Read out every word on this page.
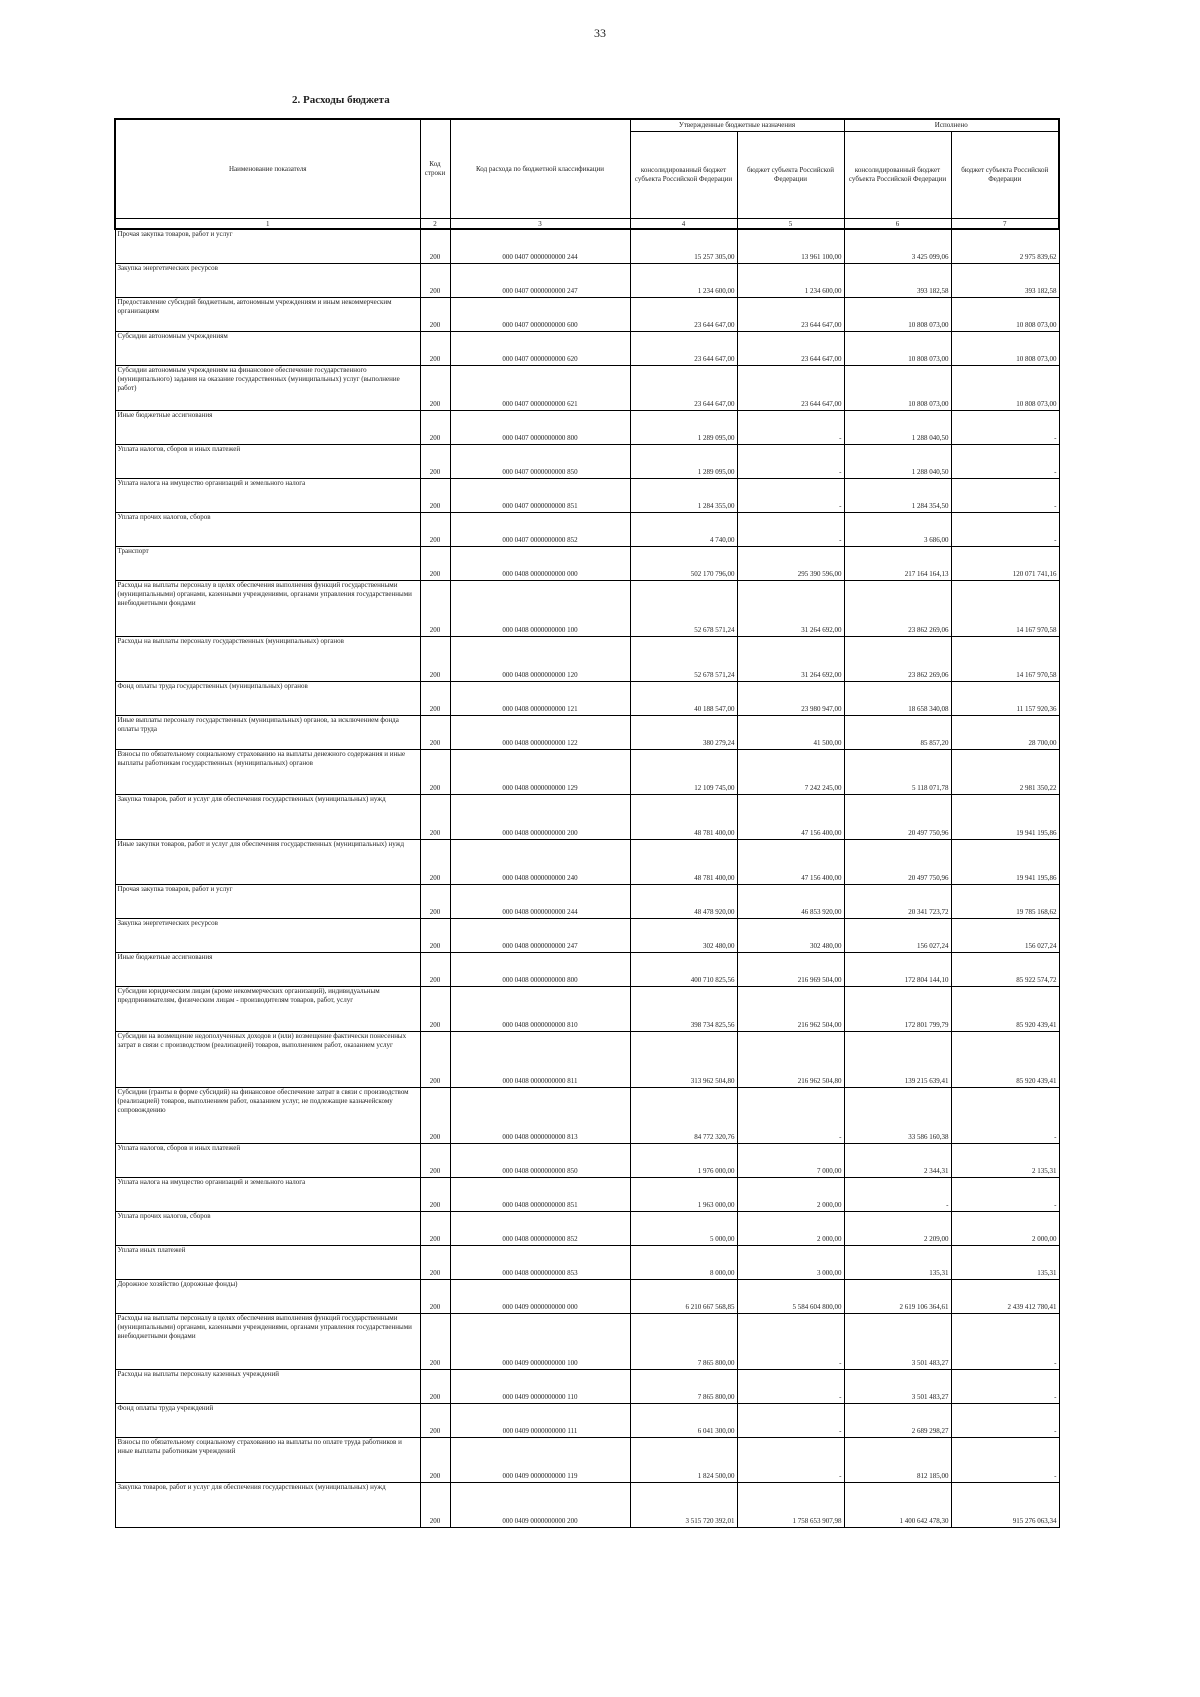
33
2. Расходы бюджета
Наименование показателя	Код строки	Код расхода по бюджетной классификации	Утвержденные бюджетные назначения		Исполнено	
			консолидированный бюджет субъекта Российской Федерации	бюджет субъекта Российской Федерации	консолидированный бюджет субъекта Российской Федерации	бюджет субъекта Российской Федерации
1	2	3	4	5	6	7
Прочая закупка товаров, работ и услуг	200	000 0407 0000000000 244	15 257 305,00	13 961 100,00	3 425 099,06	2 975 839,62
Закупка энергетических ресурсов	200	000 0407 0000000000 247	1 234 600,00	1 234 600,00	393 182,58	393 182,58
Предоставление субсидий бюджетным, автономным учреждениям и иным некоммерческим организациям	200	000 0407 0000000000 600	23 644 647,00	23 644 647,00	10 808 073,00	10 808 073,00
Субсидии автономным учреждениям	200	000 0407 0000000000 620	23 644 647,00	23 644 647,00	10 808 073,00	10 808 073,00
Субсидии автономным учреждениям на финансовое обеспечение государственного (муниципального) задания на оказание государственных (муниципальных) услуг (выполнение работ)	200	000 0407 0000000000 621	23 644 647,00	23 644 647,00	10 808 073,00	10 808 073,00
Иные бюджетные ассигнования	200	000 0407 0000000000 800	1 289 095,00	-	1 288 040,50	-
Уплата налогов, сборов и иных платежей	200	000 0407 0000000000 850	1 289 095,00	-	1 288 040,50	-
Уплата налога на имущество организаций и земельного налога	200	000 0407 0000000000 851	1 284 355,00	-	1 284 354,50	-
Уплата прочих налогов, сборов	200	000 0407 0000000000 852	4 740,00	-	3 686,00	-
Транспорт	200	000 0408 0000000000 000	502 170 796,00	295 390 596,00	217 164 164,13	120 071 741,16
Расходы на выплаты персоналу в целях обеспечения выполнения функций государственными (муниципальными) органами, казенными учреждениями, органами управления государственными внебюджетными фондами	200	000 0408 0000000000 100	52 678 571,24	31 264 692,00	23 862 269,06	14 167 970,58
Расходы на выплаты персоналу государственных (муниципальных) органов	200	000 0408 0000000000 120	52 678 571,24	31 264 692,00	23 862 269,06	14 167 970,58
Фонд оплаты труда государственных (муниципальных) органов	200	000 0408 0000000000 121	40 188 547,00	23 980 947,00	18 658 340,08	11 157 920,36
Иные выплаты персоналу государственных (муниципальных) органов, за исключением фонда оплаты труда	200	000 0408 0000000000 122	380 279,24	41 500,00	85 857,20	28 700,00
Взносы по обязательному социальному страхованию на выплаты денежного содержания и иные выплаты работникам государственных (муниципальных) органов	200	000 0408 0000000000 129	12 109 745,00	7 242 245,00	5 118 071,78	2 981 350,22
Закупка товаров, работ и услуг для обеспечения государственных (муниципальных) нужд	200	000 0408 0000000000 200	48 781 400,00	47 156 400,00	20 497 750,96	19 941 195,86
Иные закупки товаров, работ и услуг для обеспечения государственных (муниципальных) нужд	200	000 0408 0000000000 240	48 781 400,00	47 156 400,00	20 497 750,96	19 941 195,86
Прочая закупка товаров, работ и услуг	200	000 0408 0000000000 244	48 478 920,00	46 853 920,00	20 341 723,72	19 785 168,62
Закупка энергетических ресурсов	200	000 0408 0000000000 247	302 480,00	302 480,00	156 027,24	156 027,24
Иные бюджетные ассигнования	200	000 0408 0000000000 800	400 710 825,56	216 969 504,00	172 804 144,10	85 922 574,72
Субсидии юридическим лицам (кроме некоммерческих организаций), индивидуальным предпринимателям, физическим лицам - производителям товаров, работ, услуг	200	000 0408 0000000000 810	398 734 825,56	216 962 504,00	172 801 799,79	85 920 439,41
Субсидии на возмещение недополученных доходов и (или) возмещение фактически понесенных затрат в связи с производством (реализацией) товаров, выполнением работ, оказанием услуг	200	000 0408 0000000000 811	313 962 504,80	216 962 504,80	139 215 639,41	85 920 439,41
Субсидии (гранты в форме субсидий) на финансовое обеспечение затрат в связи с производством (реализацией) товаров, выполнением работ, оказанием услуг, не подлежащие казначейскому сопровождению	200	000 0408 0000000000 813	84 772 320,76	-	33 586 160,38	-
Уплата налогов, сборов и иных платежей	200	000 0408 0000000000 850	1 976 000,00	7 000,00	2 344,31	2 135,31
Уплата налога на имущество организаций и земельного налога	200	000 0408 0000000000 851	1 963 000,00	2 000,00	-	-
Уплата прочих налогов, сборов	200	000 0408 0000000000 852	5 000,00	2 000,00	2 209,00	2 000,00
Уплата иных платежей	200	000 0408 0000000000 853	8 000,00	3 000,00	135,31	135,31
Дорожное хозяйство (дорожные фонды)	200	000 0409 0000000000 000	6 210 667 568,85	5 584 604 800,00	2 619 106 364,61	2 439 412 780,41
Расходы на выплаты персоналу в целях обеспечения выполнения функций государственными (муниципальными) органами, казенными учреждениями, органами управления государственными внебюджетными фондами	200	000 0409 0000000000 100	7 865 800,00	-	3 501 483,27	-
Расходы на выплаты персоналу казенных учреждений	200	000 0409 0000000000 110	7 865 800,00	-	3 501 483,27	-
Фонд оплаты труда учреждений	200	000 0409 0000000000 111	6 041 300,00	-	2 689 298,27	-
Взносы по обязательному социальному страхованию на выплаты по оплате труда работников и иные выплаты работникам учреждений	200	000 0409 0000000000 119	1 824 500,00	-	812 185,00	-
Закупка товаров, работ и услуг для обеспечения государственных (муниципальных) нужд	200	000 0409 0000000000 200	3 515 720 392,01	1 758 653 907,98	1 400 642 478,30	915 276 063,34
